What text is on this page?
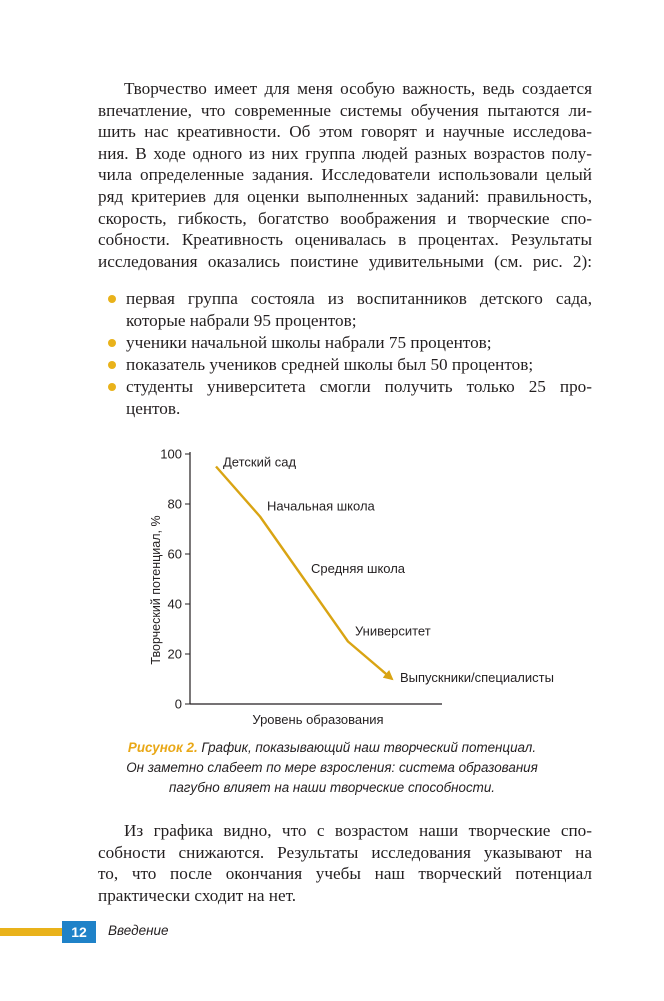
Творчество имеет для меня особую важность, ведь создается
впечатление, что современные системы обучения пытаются ли-
шить нас креативности. Об этом говорят и научные исследова-
ния. В ходе одного из них группа людей разных возрастов полу-
чила определенные задания. Исследователи использовали целый
ряд критериев для оценки выполненных заданий: правильность,
скорость, гибкость, богатство воображения и творческие спо-
собности. Креативность оценивалась в процентах. Результаты
исследования оказались поистине удивительными (см. рис. 2):
первая группа состояла из воспитанников детского сада,
которые набрали 95 процентов;
ученики начальной школы набрали 75 процентов;
показатель учеников средней школы был 50 процентов;
студенты университета смогли получить только 25 про-
центов.
0
20
40
60
80
100
Творческий потенциал, %
Уровень образования
Детский сад
Начальная школа
Средняя школа
Университет
Выпускники/специалисты
Рисунок 2. График, показывающий наш творческий потенциал.
Он заметно слабеет по мере взросления: система образования
пагубно влияет на наши творческие способности.
Из графика видно, что с возрастом наши творческие спо-
собности снижаются. Результаты исследования указывают на
то, что после окончания учебы наш творческий потенциал
практически сходит на нет.
12	Введение
